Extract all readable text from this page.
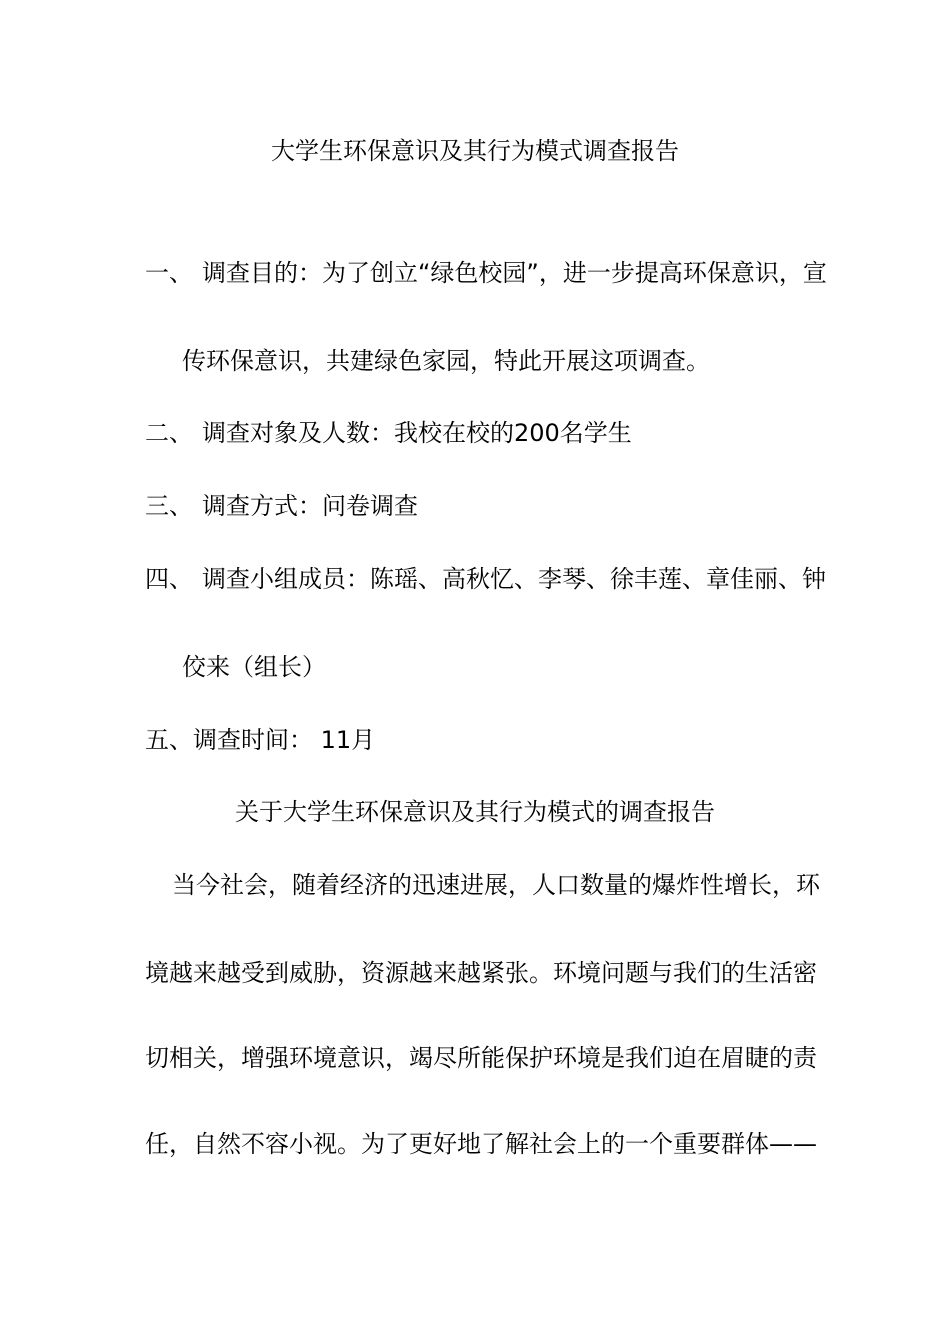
大学生环保意识及其行为模式调查报告
一、 调查目的：为了创立“绿色校园”，进一步提高环保意识，宣
传环保意识，共建绿色家园，特此开展这项调查。
二、 调查对象及人数：我校在校的200名学生
三、 调查方式：问卷调查
四、 调查小组成员：陈瑶、高秋忆、李琴、徐丰莲、章佳丽、钟
佼来（组长）
五、调查时间： 11月
关于大学生环保意识及其行为模式的调查报告
当今社会，随着经济的迅速进展，人口数量的爆炸性增长，环
境越来越受到威胁，资源越来越紧张。环境问题与我们的生活密
切相关，增强环境意识，竭尽所能保护环境是我们迫在眉睫的责
任，自然不容小视。为了更好地了解社会上的一个重要群体——
